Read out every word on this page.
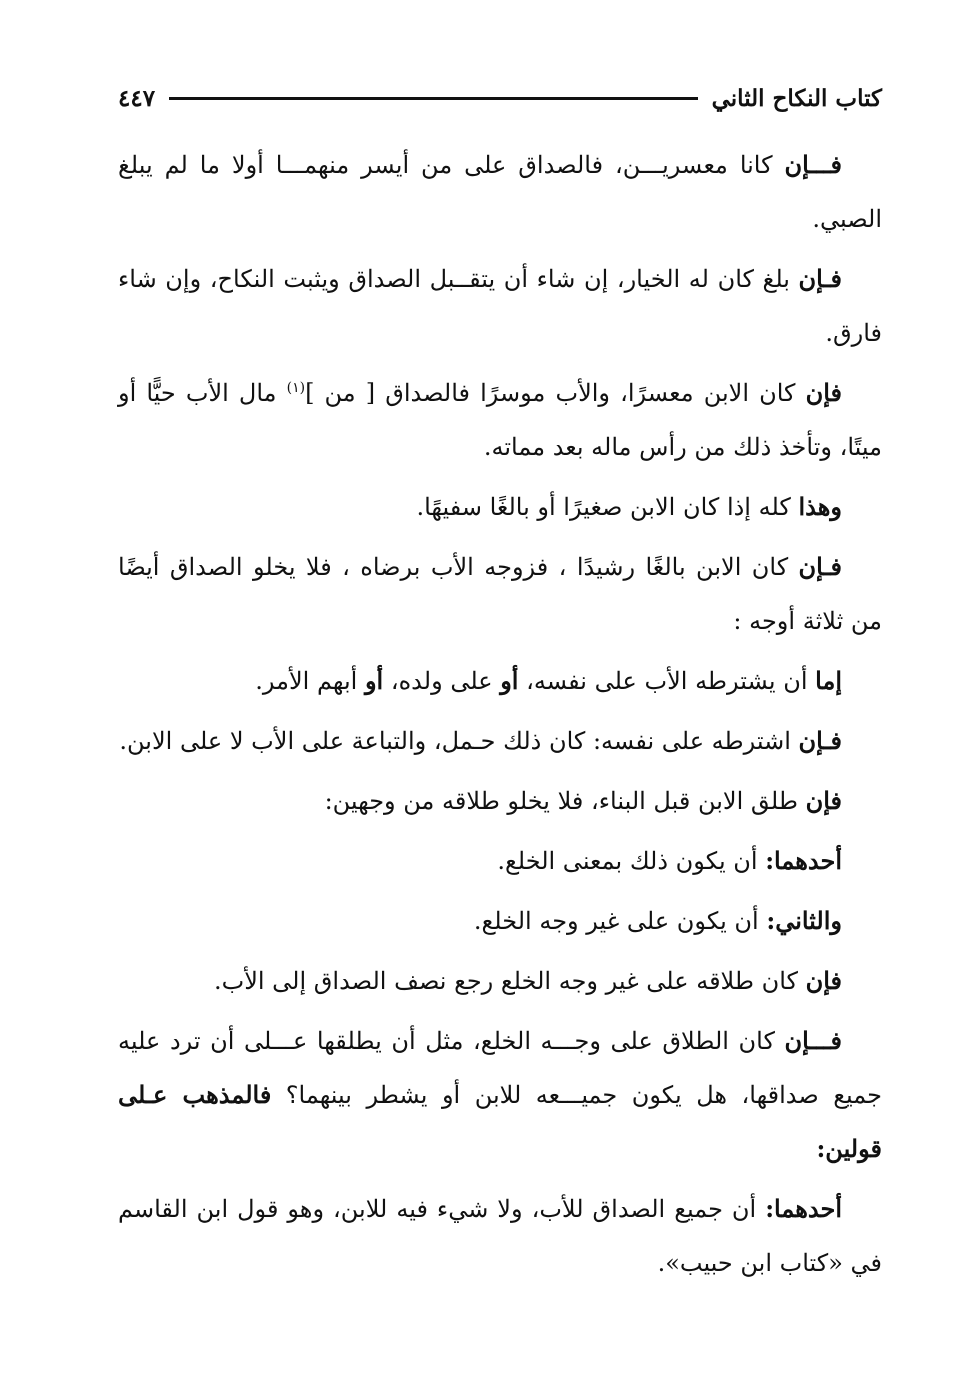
كتاب النكاح الثاني
٤٤٧

فـــإن كانا معسريـــن، فالصداق على من أيسر منهمـــا أولا ما لم يبلغ الصبي.

فـإن بلغ كان له الخيار، إن شاء أن يتقــبل الصداق ويثبت النكاح، وإن شاء فارق.

فإن كان الابن معسرًا، والأب موسرًا فالصداق [ من ]$^{(١)}$ مال الأب حيًّا أو ميتًا، وتأخذ ذلك من رأس ماله بعد مماته.

وهذا كله إذا كان الابن صغيرًا أو بالغًا سفيهًا.

فـإن كان الابن بالغًا رشيدًا ، فزوجه الأب برضاه ، فلا يخلو الصداق أيضًا من ثلاثة أوجه :

إما أن يشترطه الأب على نفسه، أو على ولده، أو أبهم الأمر.

فـإن اشترطه على نفسه: كان ذلك حـمل، والتباعة على الأب لا على الابن.

فإن طلق الابن قبل البناء، فلا يخلو طلاقه من وجهين:

أحدهما: أن يكون ذلك بمعنى الخلع.

والثاني: أن يكون على غير وجه الخلع.

فإن كان طلاقه على غير وجه الخلع رجع نصف الصداق إلى الأب.

فـــإن كان الطلاق على وجـــه الخلع، مثل أن يطلقها عـــلى أن ترد عليه جميع صداقها، هل يكون جميـــعه للابن أو يشطر بينهما؟ فالمذهب عـلى قولين:

أحدهما: أن جميع الصداق للأب، ولا شيء فيه للابن، وهو قول ابن القاسم في «كتاب ابن حبيب».
